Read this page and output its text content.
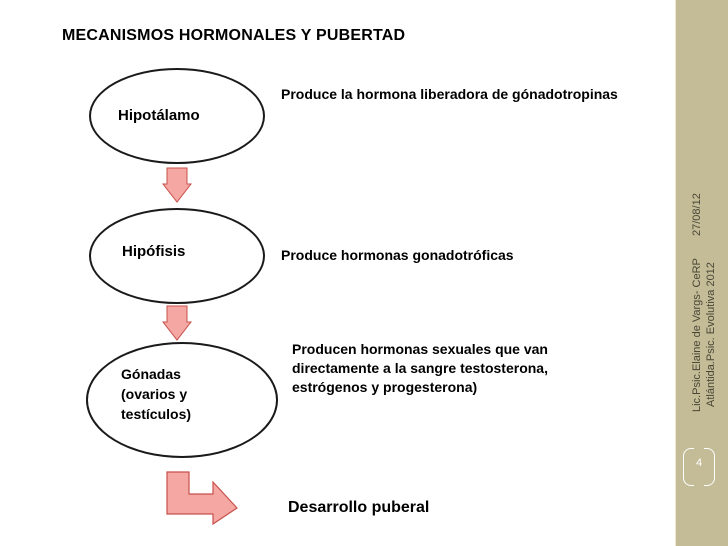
27/08/12
Lic.Psic.Elaine de Vargs- CeRP Atlántida.Psic. Evolutiva 2012
4
MECANISMOS HORMONALES Y PUBERTAD
Hipotálamo
Produce la hormona liberadora de gónadotropinas
Hipófisis	Produce hormonas gonadotróficas
Gónadas
(ovarios y
testículos)
Producen hormonas sexuales que van
directamente a la sangre testosterona,
estrógenos y progesterona)
Desarrollo puberal
